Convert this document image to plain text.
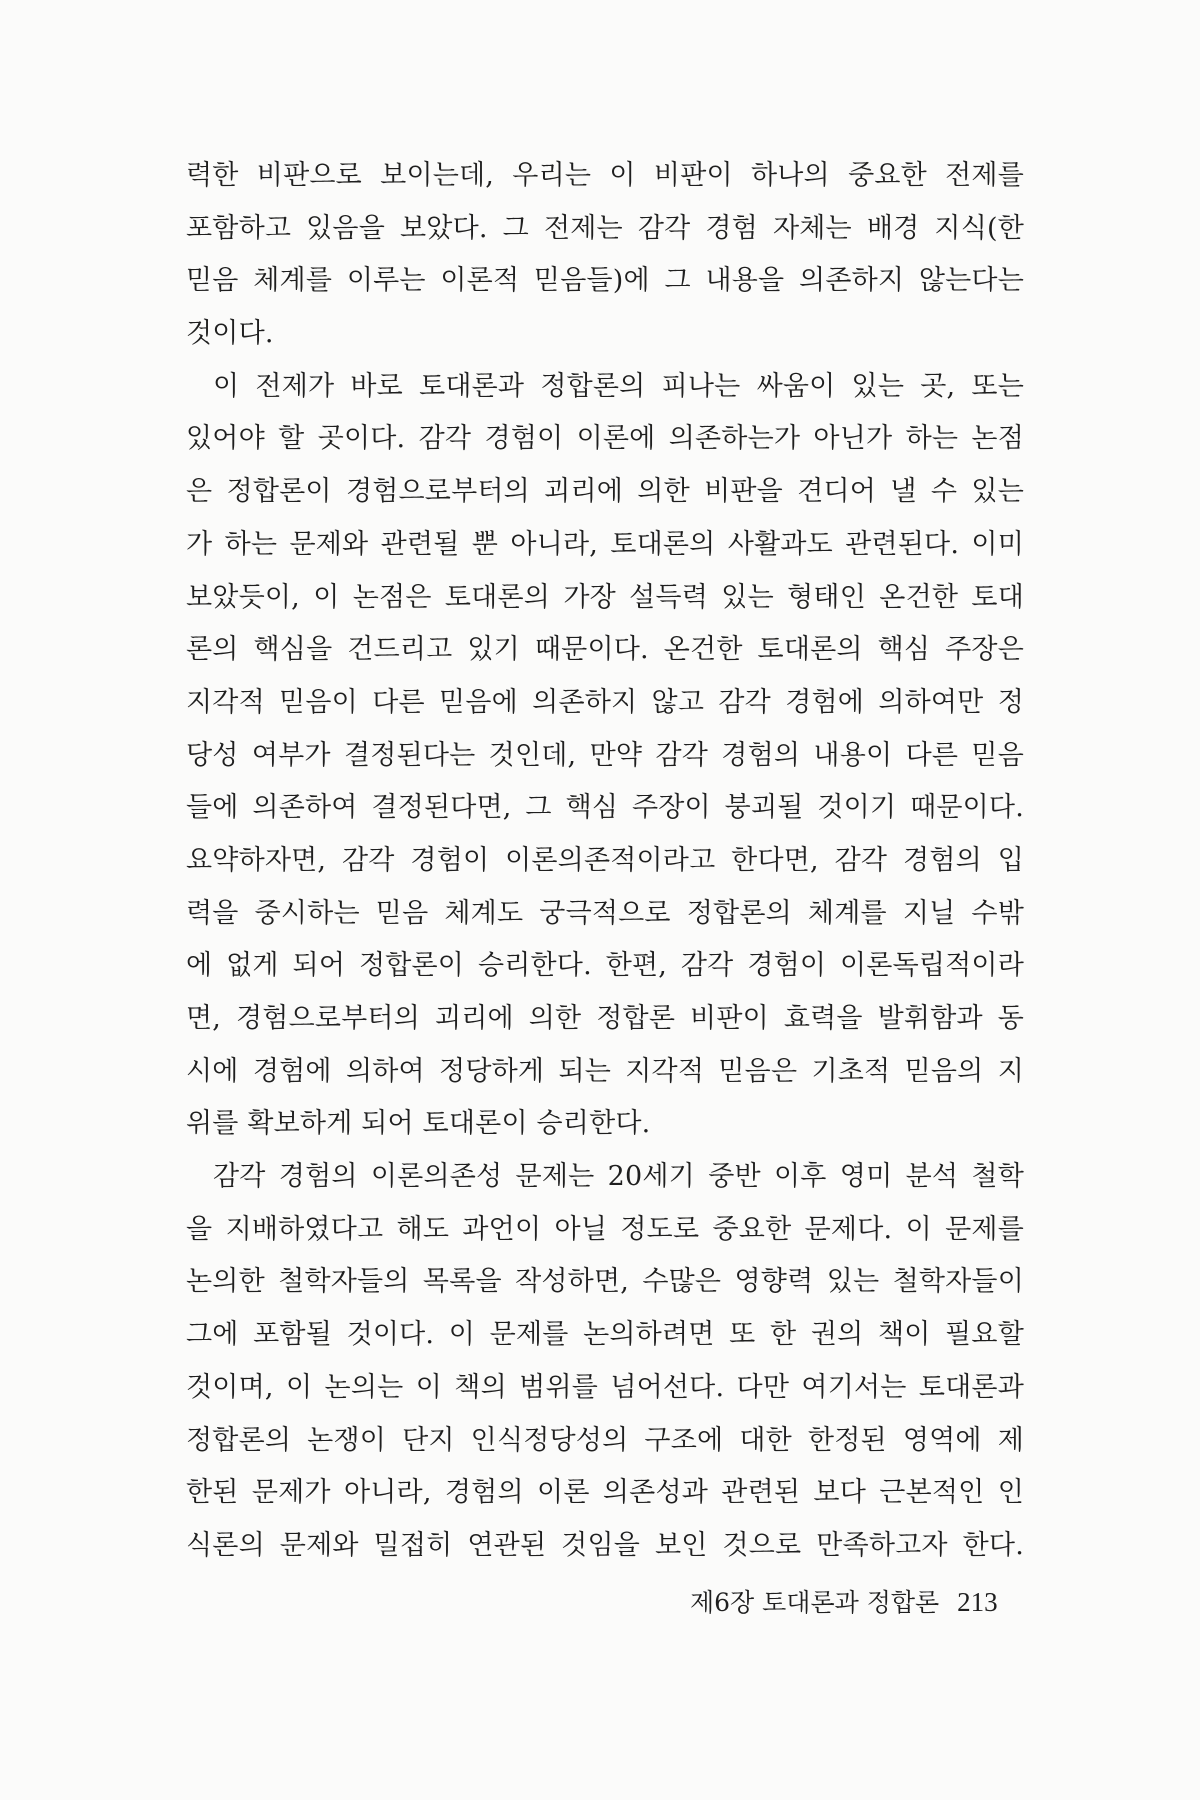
력한 비판으로 보이는데, 우리는 이 비판이 하나의 중요한 전제를
포함하고 있음을 보았다. 그 전제는 감각 경험 자체는 배경 지식(한
믿음 체계를 이루는 이론적 믿음들)에 그 내용을 의존하지 않는다는
것이다.
이 전제가 바로 토대론과 정합론의 피나는 싸움이 있는 곳, 또는
있어야 할 곳이다. 감각 경험이 이론에 의존하는가 아닌가 하는 논점
은 정합론이 경험으로부터의 괴리에 의한 비판을 견디어 낼 수 있는
가 하는 문제와 관련될 뿐 아니라, 토대론의 사활과도 관련된다. 이미
보았듯이, 이 논점은 토대론의 가장 설득력 있는 형태인 온건한 토대
론의 핵심을 건드리고 있기 때문이다. 온건한 토대론의 핵심 주장은
지각적 믿음이 다른 믿음에 의존하지 않고 감각 경험에 의하여만 정
당성 여부가 결정된다는 것인데, 만약 감각 경험의 내용이 다른 믿음
들에 의존하여 결정된다면, 그 핵심 주장이 붕괴될 것이기 때문이다.
요약하자면, 감각 경험이 이론의존적이라고 한다면, 감각 경험의 입
력을 중시하는 믿음 체계도 궁극적으로 정합론의 체계를 지닐 수밖
에 없게 되어 정합론이 승리한다. 한편, 감각 경험이 이론독립적이라
면, 경험으로부터의 괴리에 의한 정합론 비판이 효력을 발휘함과 동
시에 경험에 의하여 정당하게 되는 지각적 믿음은 기초적 믿음의 지
위를 확보하게 되어 토대론이 승리한다.
감각 경험의 이론의존성 문제는 20세기 중반 이후 영미 분석 철학
을 지배하였다고 해도 과언이 아닐 정도로 중요한 문제다. 이 문제를
논의한 철학자들의 목록을 작성하면, 수많은 영향력 있는 철학자들이
그에 포함될 것이다. 이 문제를 논의하려면 또 한 권의 책이 필요할
것이며, 이 논의는 이 책의 범위를 넘어선다. 다만 여기서는 토대론과
정합론의 논쟁이 단지 인식정당성의 구조에 대한 한정된 영역에 제
한된 문제가 아니라, 경험의 이론 의존성과 관련된 보다 근본적인 인
식론의 문제와 밀접히 연관된 것임을 보인 것으로 만족하고자 한다.
제6장 토대론과 정합론 213
